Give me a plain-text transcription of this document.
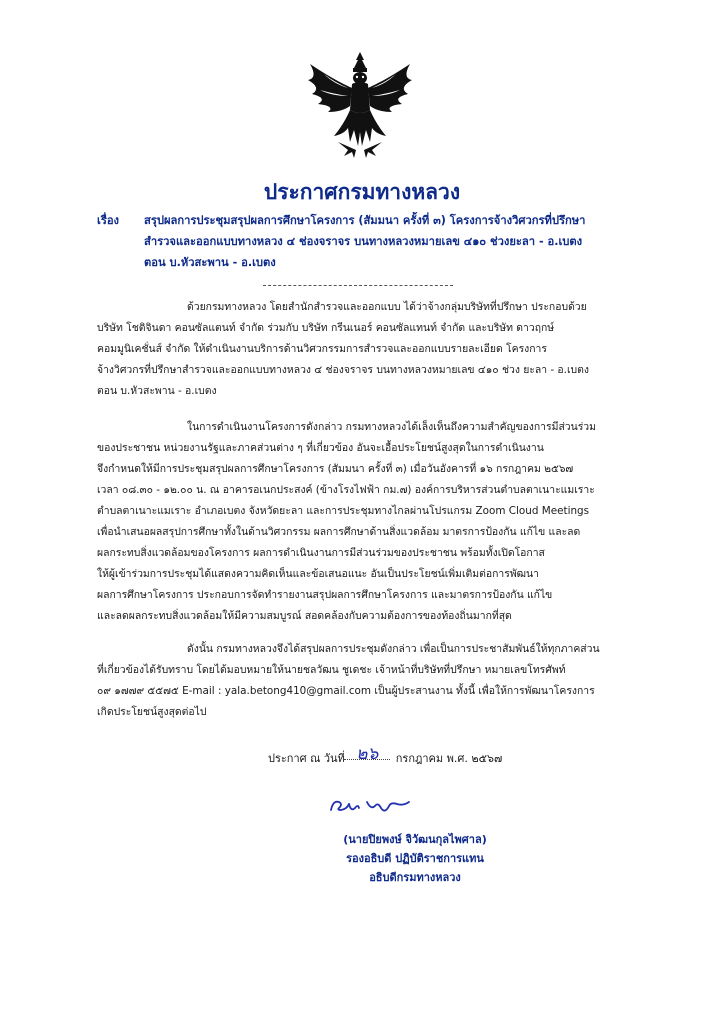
ประกาศกรมทางหลวง
เรื่อง สรุปผลการประชุมสรุปผลการศึกษาโครงการ (สัมมนา ครั้งที่ ๓) โครงการจ้างวิศวกรที่ปรึกษา
สำรวจและออกแบบทางหลวง ๔ ช่องจราจร บนทางหลวงหมายเลข ๔๑๐ ช่วงยะลา - อ.เบตง
ตอน บ.หัวสะพาน - อ.เบตง
ด้วยกรมทางหลวง โดยสำนักสำรวจและออกแบบ ได้ว่าจ้างกลุ่มบริษัทที่ปรึกษา ประกอบด้วย
บริษัท โชติจินดา คอนซัลแตนท์ จำกัด ร่วมกับ บริษัท กรีนเนอร์ คอนซัลแทนท์ จำกัด และบริษัท ดาวฤกษ์
คอมมูนิเคชั่นส์ จำกัด ให้ดำเนินงานบริการด้านวิศวกรรมการสำรวจและออกแบบรายละเอียด โครงการ
จ้างวิศวกรที่ปรึกษาสำรวจและออกแบบทางหลวง ๔ ช่องจราจร บนทางหลวงหมายเลข ๔๑๐ ช่วง ยะลา - อ.เบตง
ตอน บ.หัวสะพาน - อ.เบตง
ในการดำเนินงานโครงการดังกล่าว กรมทางหลวงได้เล็งเห็นถึงความสำคัญของการมีส่วนร่วม
ของประชาชน หน่วยงานรัฐและภาคส่วนต่าง ๆ ที่เกี่ยวข้อง อันจะเอื้อประโยชน์สูงสุดในการดำเนินงาน
จึงกำหนดให้มีการประชุมสรุปผลการศึกษาโครงการ (สัมมนา ครั้งที่ ๓) เมื่อวันอังคารที่ ๑๖ กรกฎาคม ๒๕๖๗
เวลา ๐๘.๓๐ - ๑๒.๐๐ น. ณ อาคารอเนกประสงค์ (ข้างโรงไฟฟ้า กม.๗) องค์การบริหารส่วนตำบลตาเนาะแมเราะ
ตำบลตาเนาะแมเราะ อำเภอเบตง จังหวัดยะลา และการประชุมทางไกลผ่านโปรแกรม Zoom Cloud Meetings
เพื่อนำเสนอผลสรุปการศึกษาทั้งในด้านวิศวกรรม ผลการศึกษาด้านสิ่งแวดล้อม มาตรการป้องกัน แก้ไข และลด
ผลกระทบสิ่งแวดล้อมของโครงการ ผลการดำเนินงานการมีส่วนร่วมของประชาชน พร้อมทั้งเปิดโอกาส
ให้ผู้เข้าร่วมการประชุมได้แสดงความคิดเห็นและข้อเสนอแนะ อันเป็นประโยชน์เพิ่มเติมต่อการพัฒนา
ผลการศึกษาโครงการ ประกอบการจัดทำรายงานสรุปผลการศึกษาโครงการ และมาตรการป้องกัน แก้ไข
และลดผลกระทบสิ่งแวดล้อมให้มีความสมบูรณ์ สอดคล้องกับความต้องการของท้องถิ่นมากที่สุด
ดังนั้น กรมทางหลวงจึงได้สรุปผลการประชุมดังกล่าว เพื่อเป็นการประชาสัมพันธ์ให้ทุกภาคส่วน
ที่เกี่ยวข้องได้รับทราบ โดยได้มอบหมายให้นายชลวัฒน ชูเดชะ เจ้าหน้าที่บริษัทที่ปรึกษา หมายเลขโทรศัพท์
๐๙ ๑๗๗๙ ๕๕๗๕ E-mail : yala.betong410@gmail.com เป็นผู้ประสานงาน ทั้งนี้ เพื่อให้การพัฒนาโครงการ
เกิดประโยชน์สูงสุดต่อไป
ประกาศ ณ วันที่ ๒๖ กรกฎาคม พ.ศ. ๒๕๖๗
(นายปิยพงษ์ จิวัฒนกุลไพศาล)
รองอธิบดี ปฏิบัติราชการแทน
อธิบดีกรมทางหลวง
